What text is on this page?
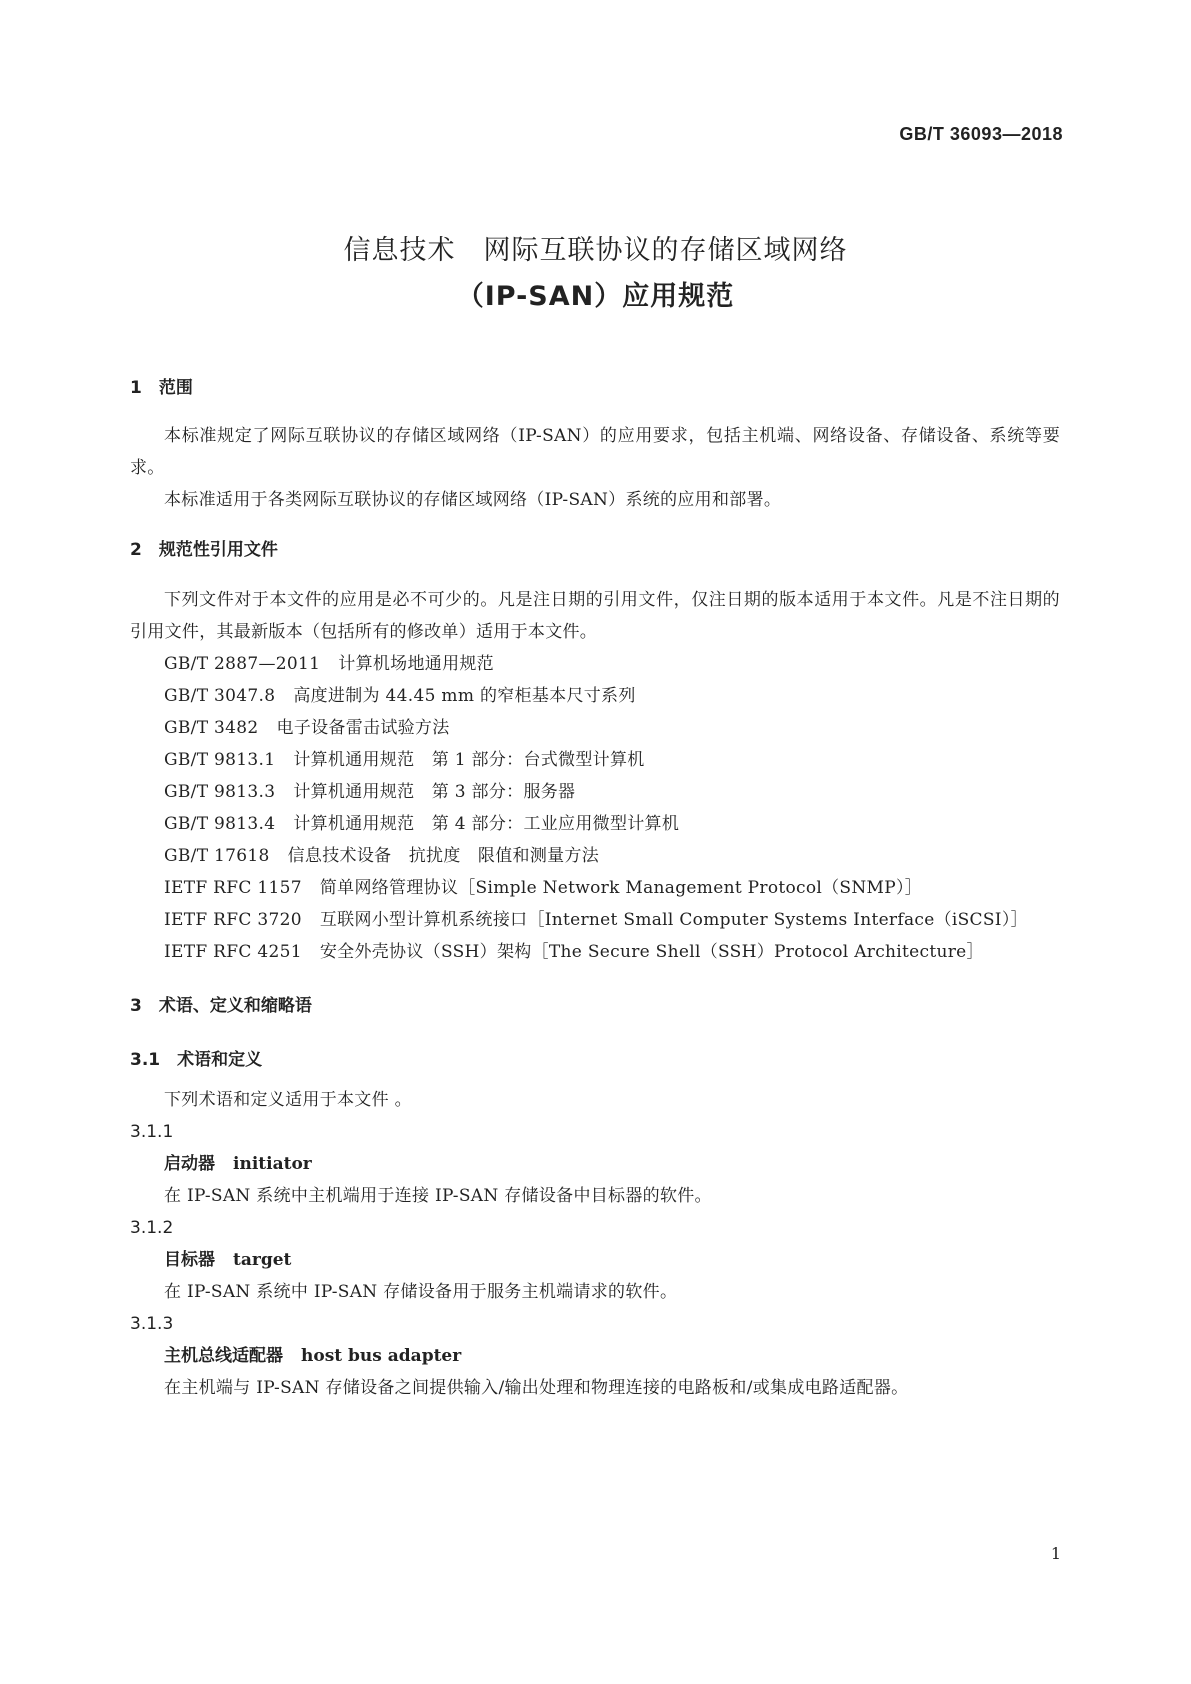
GB/T 36093—2018
信息技术　网际互联协议的存储区域网络
（IP-SAN）应用规范

1　范围

本标准规定了网际互联协议的存储区域网络（IP-SAN）的应用要求，包括主机端、网络设备、存储设备、系统等要求。

本标准适用于各类网际互联协议的存储区域网络（IP-SAN）系统的应用和部署。

2　规范性引用文件

下列文件对于本文件的应用是必不可少的。凡是注日期的引用文件，仅注日期的版本适用于本文件。凡是不注日期的引用文件，其最新版本（包括所有的修改单）适用于本文件。

GB/T 2887—2011 计算机场地通用规范

GB/T 3047.8 高度进制为 44.45 mm 的窄柜基本尺寸系列

GB/T 3482 电子设备雷击试验方法

GB/T 9813.1 计算机通用规范　第 1 部分：台式微型计算机

GB/T 9813.3 计算机通用规范　第 3 部分：服务器

GB/T 9813.4 计算机通用规范　第 4 部分：工业应用微型计算机

GB/T 17618 信息技术设备　抗扰度　限值和测量方法

IETF RFC 1157 简单网络管理协议［Simple Network Management Protocol（SNMP）］

IETF RFC 3720 互联网小型计算机系统接口［Internet Small Computer Systems Interface（iSCSI）］

IETF RFC 4251 安全外壳协议（SSH）架构［The Secure Shell（SSH）Protocol Architecture］

3　术语、定义和缩略语

3.1　术语和定义

下列术语和定义适用于本文件 。

3.1.1

启动器 initiator

在 IP-SAN 系统中主机端用于连接 IP-SAN 存储设备中目标器的软件。

3.1.2

目标器 target

在 IP-SAN 系统中 IP-SAN 存储设备用于服务主机端请求的软件。

3.1.3

主机总线适配器 host bus adapter

在主机端与 IP-SAN 存储设备之间提供输入/输出处理和物理连接的电路板和/或集成电路适配器。

1
